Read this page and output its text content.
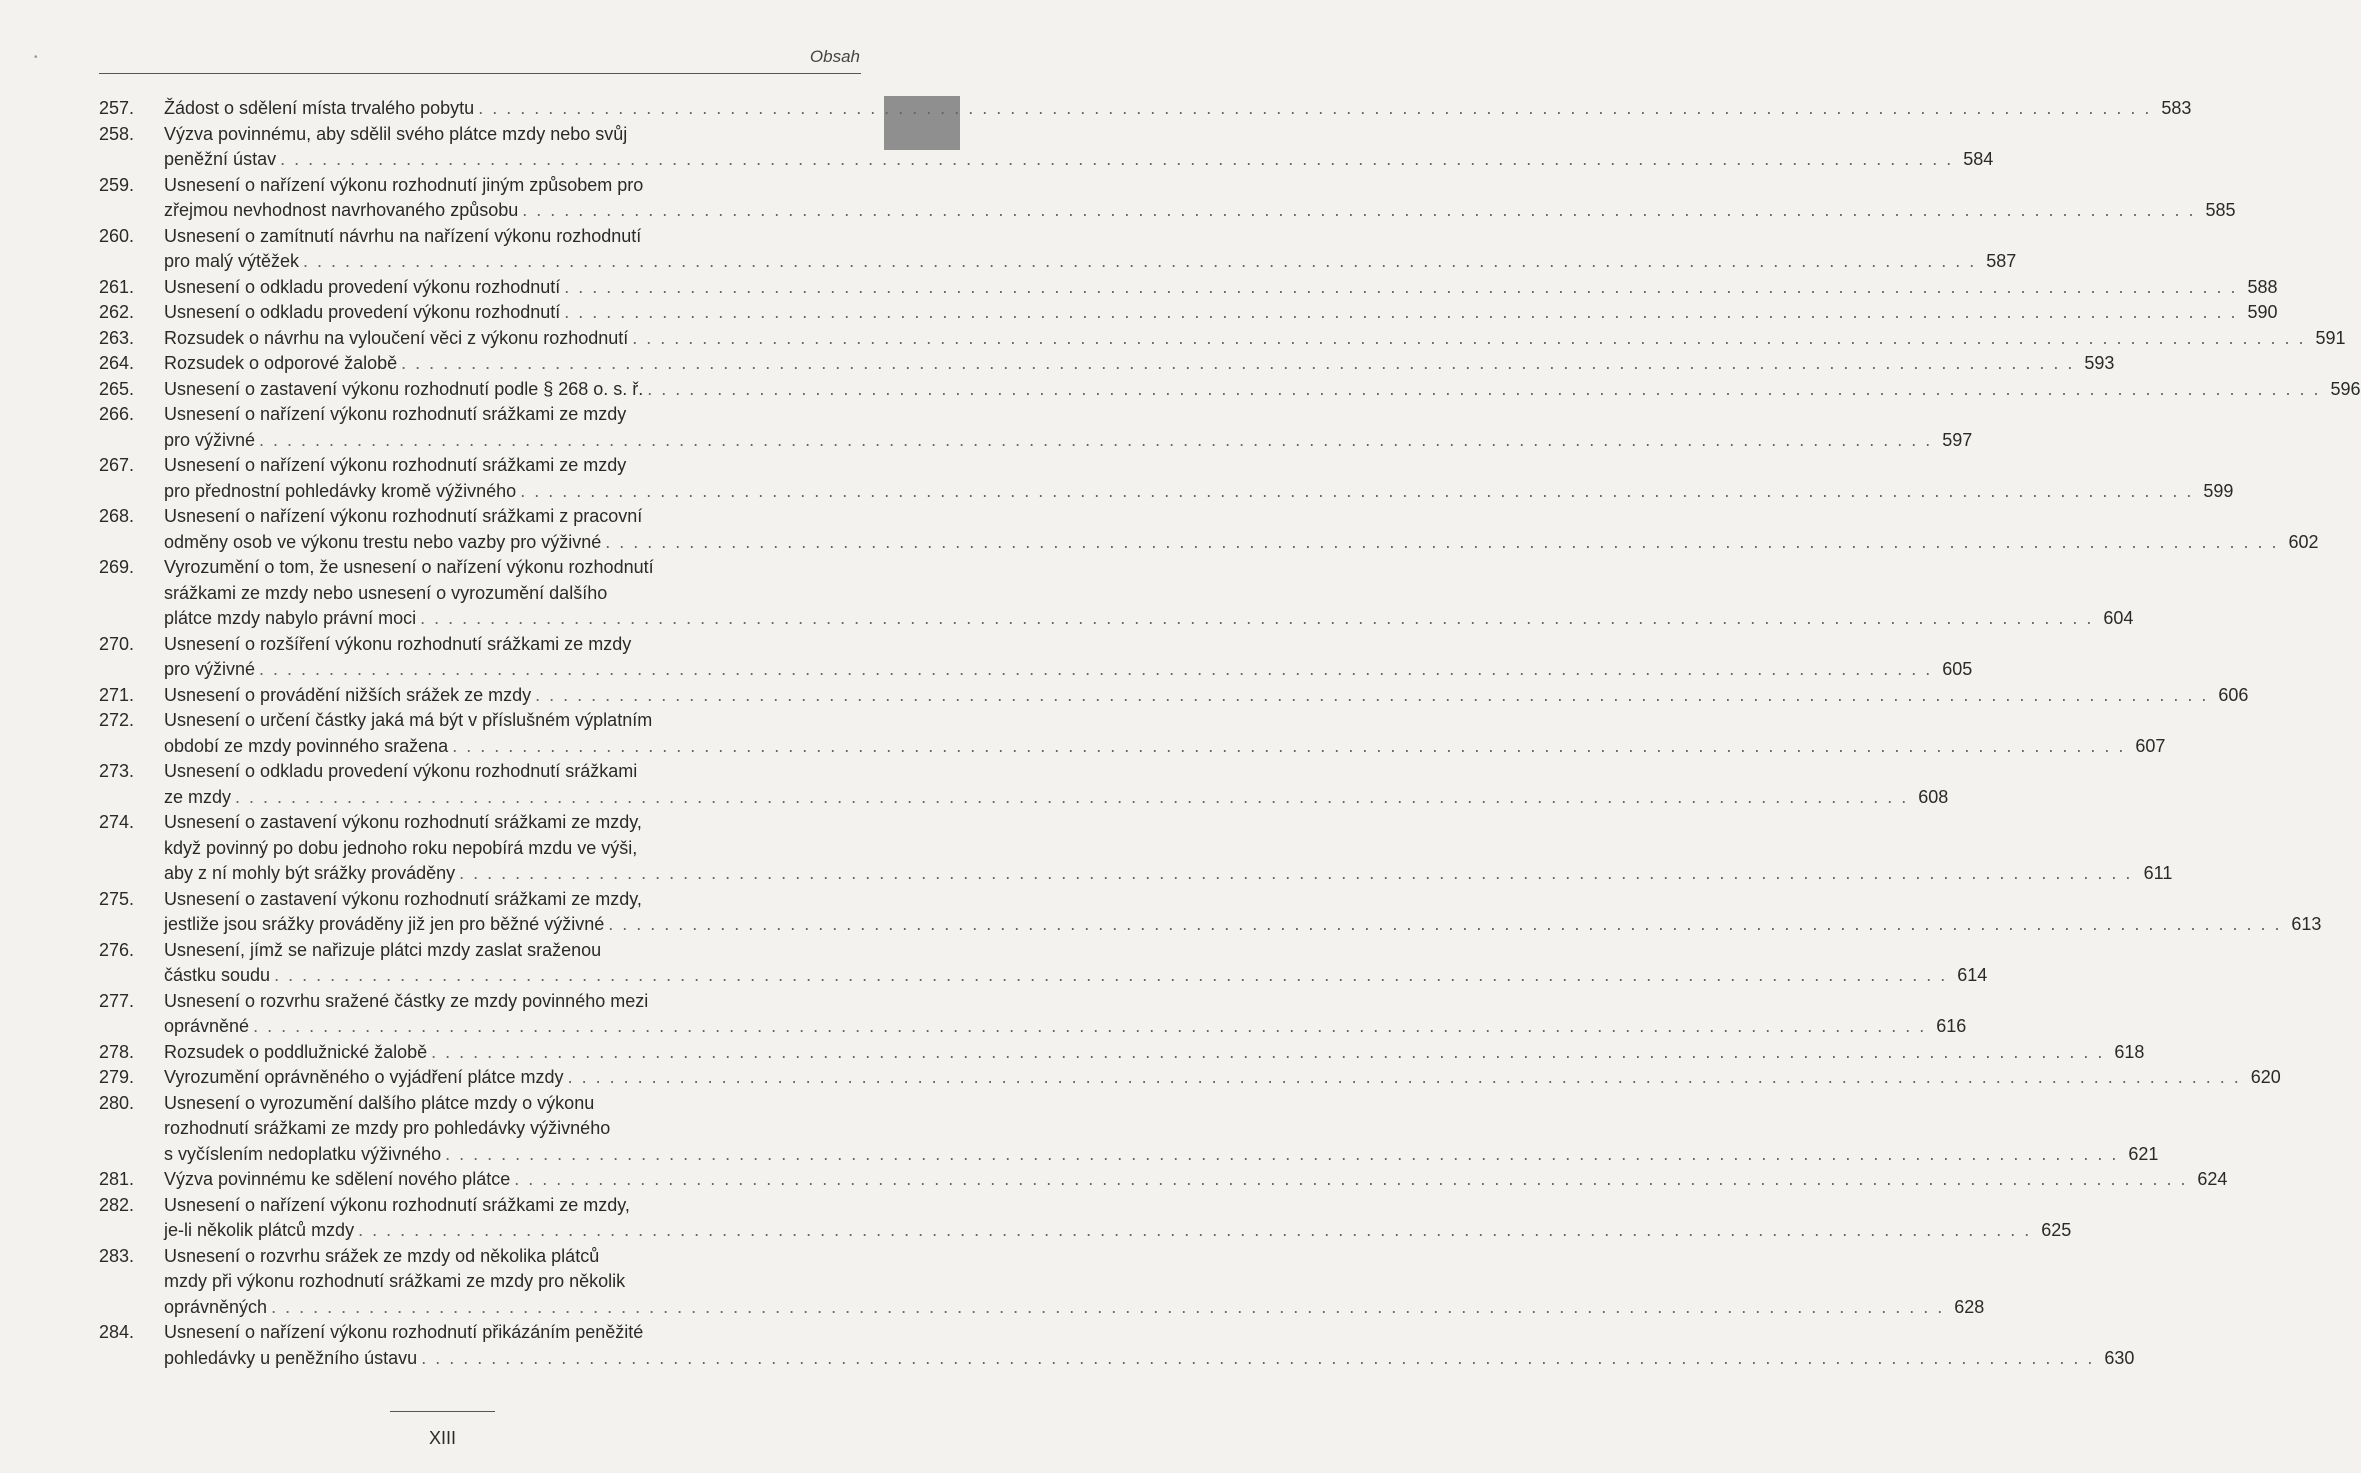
•	Obsah
257.	Žádost o sdělení místa trvalého pobytu . . . . . . . . . . . . . . . . . . . . . . . . . . . . . . . . . . . . . . . . . . . . . . . . . . . . . . . . . . . . . . . . . . . . . . . . . . . . . . . . . . . . . . . . . . . . . . . . . . . . . . . . . . . . . . . . . . . . . . . . 583
258.	Výzva povinnému, aby sdělil svého plátce mzdy nebo svůj
peněžní ústav . . . . . . . . . . . . . . . . . . . . . . . . . . . . . . . . . . . . . . . . . . . . . . . . . . . . . . . . . . . . . . . . . . . . . . . . . . . . . . . . . . . . . . . . . . . . . . . . . . . . . . . . . . . . . . . . . . . . . . . . 584
259.	Usnesení o nařízení výkonu rozhodnutí jiným způsobem pro
zřejmou nevhodnost navrhovaného způsobu . . . . . . . . . . . . . . . . . . . . . . . . . . . . . . . . . . . . . . . . . . . . . . . . . . . . . . . . . . . . . . . . . . . . . . . . . . . . . . . . . . . . . . . . . . . . . . . . . . . . . . . . . . . . . . . . . . . . . . . . 585
260.	Usnesení o zamítnutí návrhu na nařízení výkonu rozhodnutí
pro malý výtěžek . . . . . . . . . . . . . . . . . . . . . . . . . . . . . . . . . . . . . . . . . . . . . . . . . . . . . . . . . . . . . . . . . . . . . . . . . . . . . . . . . . . . . . . . . . . . . . . . . . . . . . . . . . . . . . . . . . . . . . . . 587
261.	Usnesení o odkladu provedení výkonu rozhodnutí . . . . . . . . . . . . . . . . . . . . . . . . . . . . . . . . . . . . . . . . . . . . . . . . . . . . . . . . . . . . . . . . . . . . . . . . . . . . . . . . . . . . . . . . . . . . . . . . . . . . . . . . . . . . . . . . . . . . . . . . 588
262.	Usnesení o odkladu provedení výkonu rozhodnutí . . . . . . . . . . . . . . . . . . . . . . . . . . . . . . . . . . . . . . . . . . . . . . . . . . . . . . . . . . . . . . . . . . . . . . . . . . . . . . . . . . . . . . . . . . . . . . . . . . . . . . . . . . . . . . . . . . . . . . . . 590
263.	Rozsudek o návrhu na vyloučení věci z výkonu rozhodnutí . . . . . . . . . . . . . . . . . . . . . . . . . . . . . . . . . . . . . . . . . . . . . . . . . . . . . . . . . . . . . . . . . . . . . . . . . . . . . . . . . . . . . . . . . . . . . . . . . . . . . . . . . . . . . . . . . . . . . . . . 591
264.	Rozsudek o odporové žalobě . . . . . . . . . . . . . . . . . . . . . . . . . . . . . . . . . . . . . . . . . . . . . . . . . . . . . . . . . . . . . . . . . . . . . . . . . . . . . . . . . . . . . . . . . . . . . . . . . . . . . . . . . . . . . . . . . . . . . . . . 593
265.	Usnesení o zastavení výkonu rozhodnutí podle § 268 o. s. ř. . . . . . . . . . . . . . . . . . . . . . . . . . . . . . . . . . . . . . . . . . . . . . . . . . . . . . . . . . . . . . . . . . . . . . . . . . . . . . . . . . . . . . . . . . . . . . . . . . . . . . . . . . . . . . . . . . . . . . . . . 596
266.	Usnesení o nařízení výkonu rozhodnutí srážkami ze mzdy
pro výživné . . . . . . . . . . . . . . . . . . . . . . . . . . . . . . . . . . . . . . . . . . . . . . . . . . . . . . . . . . . . . . . . . . . . . . . . . . . . . . . . . . . . . . . . . . . . . . . . . . . . . . . . . . . . . . . . . . . . . . . . 597
267.	Usnesení o nařízení výkonu rozhodnutí srážkami ze mzdy
pro přednostní pohledávky kromě výživného . . . . . . . . . . . . . . . . . . . . . . . . . . . . . . . . . . . . . . . . . . . . . . . . . . . . . . . . . . . . . . . . . . . . . . . . . . . . . . . . . . . . . . . . . . . . . . . . . . . . . . . . . . . . . . . . . . . . . . . . 599
268.	Usnesení o nařízení výkonu rozhodnutí srážkami z pracovní
odměny osob ve výkonu trestu nebo vazby pro výživné . . . . . . . . . . . . . . . . . . . . . . . . . . . . . . . . . . . . . . . . . . . . . . . . . . . . . . . . . . . . . . . . . . . . . . . . . . . . . . . . . . . . . . . . . . . . . . . . . . . . . . . . . . . . . . . . . . . . . . . . 602
269.	Vyrozumění o tom, že usnesení o nařízení výkonu rozhodnutí
srážkami ze mzdy nebo usnesení o vyrozumění dalšího
plátce mzdy nabylo právní moci . . . . . . . . . . . . . . . . . . . . . . . . . . . . . . . . . . . . . . . . . . . . . . . . . . . . . . . . . . . . . . . . . . . . . . . . . . . . . . . . . . . . . . . . . . . . . . . . . . . . . . . . . . . . . . . . . . . . . . . . 604
270.	Usnesení o rozšíření výkonu rozhodnutí srážkami ze mzdy
pro výživné . . . . . . . . . . . . . . . . . . . . . . . . . . . . . . . . . . . . . . . . . . . . . . . . . . . . . . . . . . . . . . . . . . . . . . . . . . . . . . . . . . . . . . . . . . . . . . . . . . . . . . . . . . . . . . . . . . . . . . . . 605
271.	Usnesení o provádění nižších srážek ze mzdy . . . . . . . . . . . . . . . . . . . . . . . . . . . . . . . . . . . . . . . . . . . . . . . . . . . . . . . . . . . . . . . . . . . . . . . . . . . . . . . . . . . . . . . . . . . . . . . . . . . . . . . . . . . . . . . . . . . . . . . . 606
272.	Usnesení o určení částky jaká má být v příslušném výplatním
období ze mzdy povinného sražena . . . . . . . . . . . . . . . . . . . . . . . . . . . . . . . . . . . . . . . . . . . . . . . . . . . . . . . . . . . . . . . . . . . . . . . . . . . . . . . . . . . . . . . . . . . . . . . . . . . . . . . . . . . . . . . . . . . . . . . . 607
273.	Usnesení o odkladu provedení výkonu rozhodnutí srážkami
ze mzdy . . . . . . . . . . . . . . . . . . . . . . . . . . . . . . . . . . . . . . . . . . . . . . . . . . . . . . . . . . . . . . . . . . . . . . . . . . . . . . . . . . . . . . . . . . . . . . . . . . . . . . . . . . . . . . . . . . . . . . . . 608
274.	Usnesení o zastavení výkonu rozhodnutí srážkami ze mzdy,
když povinný po dobu jednoho roku nepobírá mzdu ve výši,
aby z ní mohly být srážky prováděny . . . . . . . . . . . . . . . . . . . . . . . . . . . . . . . . . . . . . . . . . . . . . . . . . . . . . . . . . . . . . . . . . . . . . . . . . . . . . . . . . . . . . . . . . . . . . . . . . . . . . . . . . . . . . . . . . . . . . . . . 611
275.	Usnesení o zastavení výkonu rozhodnutí srážkami ze mzdy,
jestliže jsou srážky prováděny již jen pro běžné výživné . . . . . . . . . . . . . . . . . . . . . . . . . . . . . . . . . . . . . . . . . . . . . . . . . . . . . . . . . . . . . . . . . . . . . . . . . . . . . . . . . . . . . . . . . . . . . . . . . . . . . . . . . . . . . . . . . . . . . . . . 613
276.	Usnesení, jímž se nařizuje plátci mzdy zaslat sraženou
částku soudu . . . . . . . . . . . . . . . . . . . . . . . . . . . . . . . . . . . . . . . . . . . . . . . . . . . . . . . . . . . . . . . . . . . . . . . . . . . . . . . . . . . . . . . . . . . . . . . . . . . . . . . . . . . . . . . . . . . . . . . . 614
277.	Usnesení o rozvrhu sražené částky ze mzdy povinného mezi
oprávněné . . . . . . . . . . . . . . . . . . . . . . . . . . . . . . . . . . . . . . . . . . . . . . . . . . . . . . . . . . . . . . . . . . . . . . . . . . . . . . . . . . . . . . . . . . . . . . . . . . . . . . . . . . . . . . . . . . . . . . . . 616
278.	Rozsudek o poddlužnické žalobě . . . . . . . . . . . . . . . . . . . . . . . . . . . . . . . . . . . . . . . . . . . . . . . . . . . . . . . . . . . . . . . . . . . . . . . . . . . . . . . . . . . . . . . . . . . . . . . . . . . . . . . . . . . . . . . . . . . . . . . . 618
279.	Vyrozumění oprávněného o vyjádření plátce mzdy . . . . . . . . . . . . . . . . . . . . . . . . . . . . . . . . . . . . . . . . . . . . . . . . . . . . . . . . . . . . . . . . . . . . . . . . . . . . . . . . . . . . . . . . . . . . . . . . . . . . . . . . . . . . . . . . . . . . . . . . 620
280.	Usnesení o vyrozumění dalšího plátce mzdy o výkonu
rozhodnutí srážkami ze mzdy pro pohledávky výživného
s vyčíslením nedoplatku výživného . . . . . . . . . . . . . . . . . . . . . . . . . . . . . . . . . . . . . . . . . . . . . . . . . . . . . . . . . . . . . . . . . . . . . . . . . . . . . . . . . . . . . . . . . . . . . . . . . . . . . . . . . . . . . . . . . . . . . . . . 621
281.	Výzva povinnému ke sdělení nového plátce . . . . . . . . . . . . . . . . . . . . . . . . . . . . . . . . . . . . . . . . . . . . . . . . . . . . . . . . . . . . . . . . . . . . . . . . . . . . . . . . . . . . . . . . . . . . . . . . . . . . . . . . . . . . . . . . . . . . . . . . 624
282.	Usnesení o nařízení výkonu rozhodnutí srážkami ze mzdy,
je-li několik plátců mzdy . . . . . . . . . . . . . . . . . . . . . . . . . . . . . . . . . . . . . . . . . . . . . . . . . . . . . . . . . . . . . . . . . . . . . . . . . . . . . . . . . . . . . . . . . . . . . . . . . . . . . . . . . . . . . . . . . . . . . . . . 625
283.	Usnesení o rozvrhu srážek ze mzdy od několika plátců
mzdy při výkonu rozhodnutí srážkami ze mzdy pro několik
oprávněných . . . . . . . . . . . . . . . . . . . . . . . . . . . . . . . . . . . . . . . . . . . . . . . . . . . . . . . . . . . . . . . . . . . . . . . . . . . . . . . . . . . . . . . . . . . . . . . . . . . . . . . . . . . . . . . . . . . . . . . . 628
284.	Usnesení o nařízení výkonu rozhodnutí přikázáním peněžité
pohledávky u peněžního ústavu . . . . . . . . . . . . . . . . . . . . . . . . . . . . . . . . . . . . . . . . . . . . . . . . . . . . . . . . . . . . . . . . . . . . . . . . . . . . . . . . . . . . . . . . . . . . . . . . . . . . . . . . . . . . . . . . . . . . . . . . 630
XIII
